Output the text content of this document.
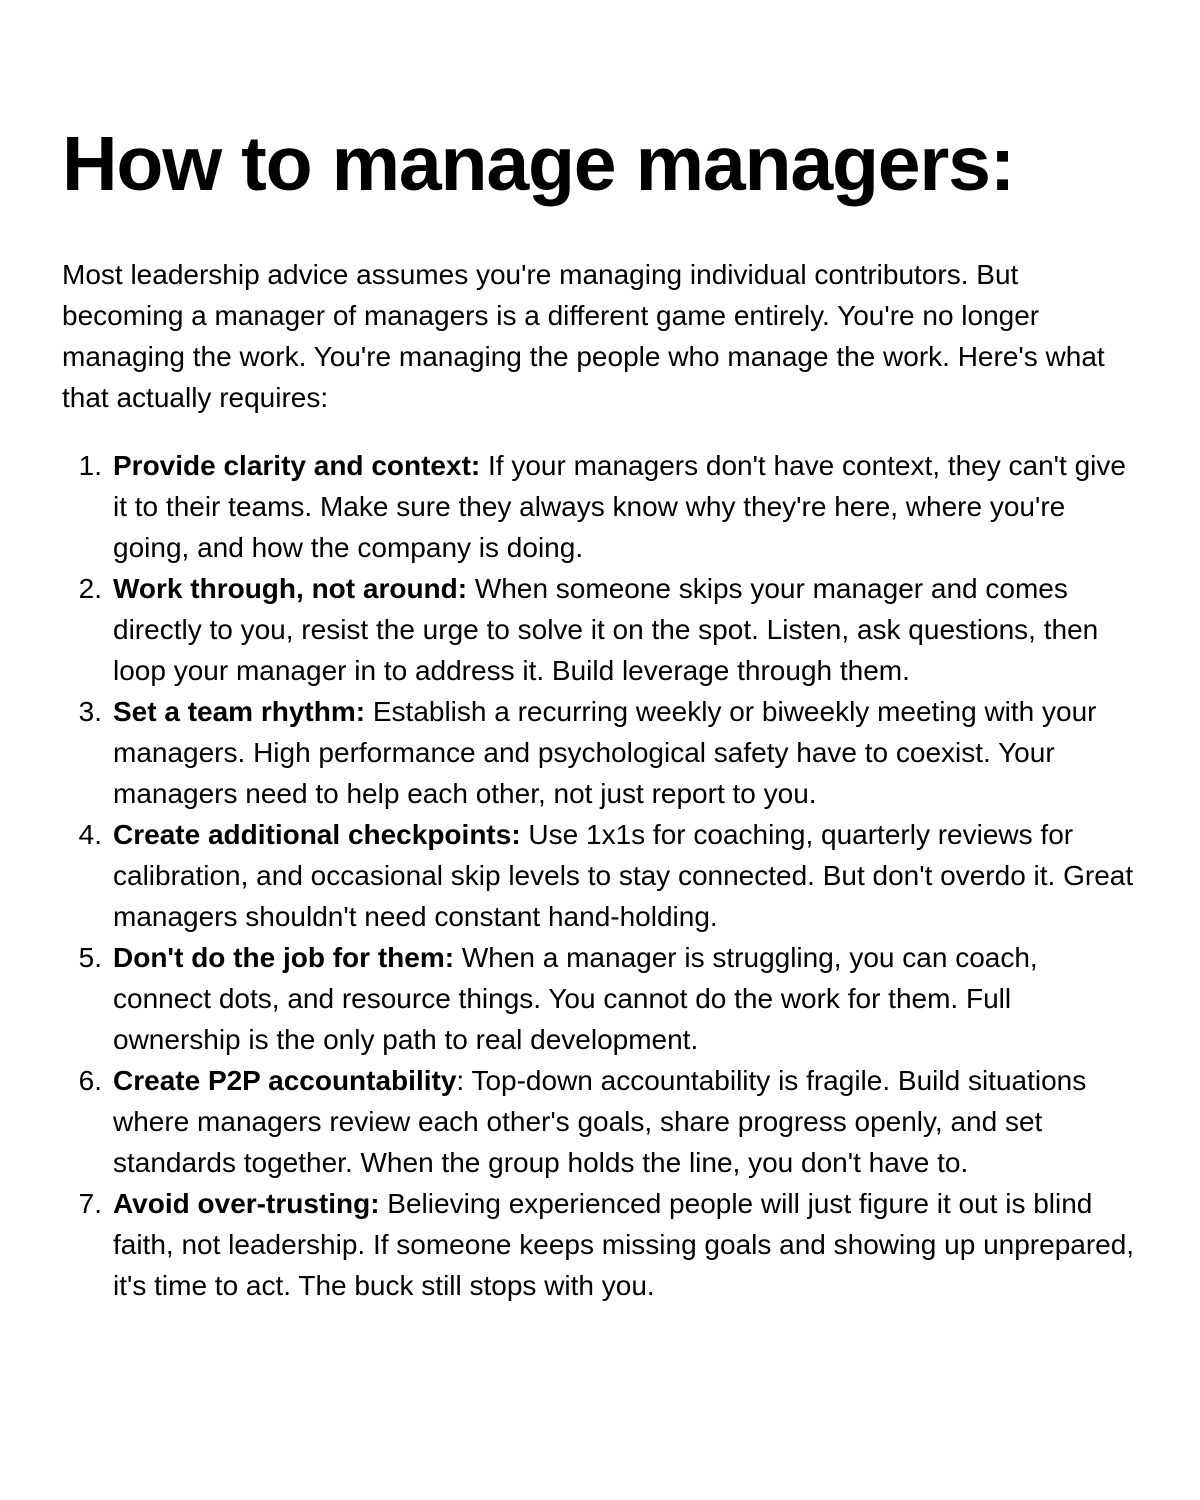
How to manage managers:

Most leadership advice assumes you're managing individual contributors. But becoming a manager of managers is a different game entirely. You're no longer managing the work. You're managing the people who manage the work. Here's what that actually requires:

1. Provide clarity and context: If your managers don't have context, they can't give it to their teams. Make sure they always know why they're here, where you're going, and how the company is doing.
2. Work through, not around: When someone skips your manager and comes directly to you, resist the urge to solve it on the spot. Listen, ask questions, then loop your manager in to address it. Build leverage through them.
3. Set a team rhythm: Establish a recurring weekly or biweekly meeting with your managers. High performance and psychological safety have to coexist. Your managers need to help each other, not just report to you.
4. Create additional checkpoints: Use 1x1s for coaching, quarterly reviews for calibration, and occasional skip levels to stay connected. But don't overdo it. Great managers shouldn't need constant hand-holding.
5. Don't do the job for them: When a manager is struggling, you can coach, connect dots, and resource things. You cannot do the work for them. Full ownership is the only path to real development.
6. Create P2P accountability: Top-down accountability is fragile. Build situations where managers review each other's goals, share progress openly, and set standards together. When the group holds the line, you don't have to.
7. Avoid over-trusting: Believing experienced people will just figure it out is blind faith, not leadership. If someone keeps missing goals and showing up unprepared, it's time to act. The buck still stops with you.
